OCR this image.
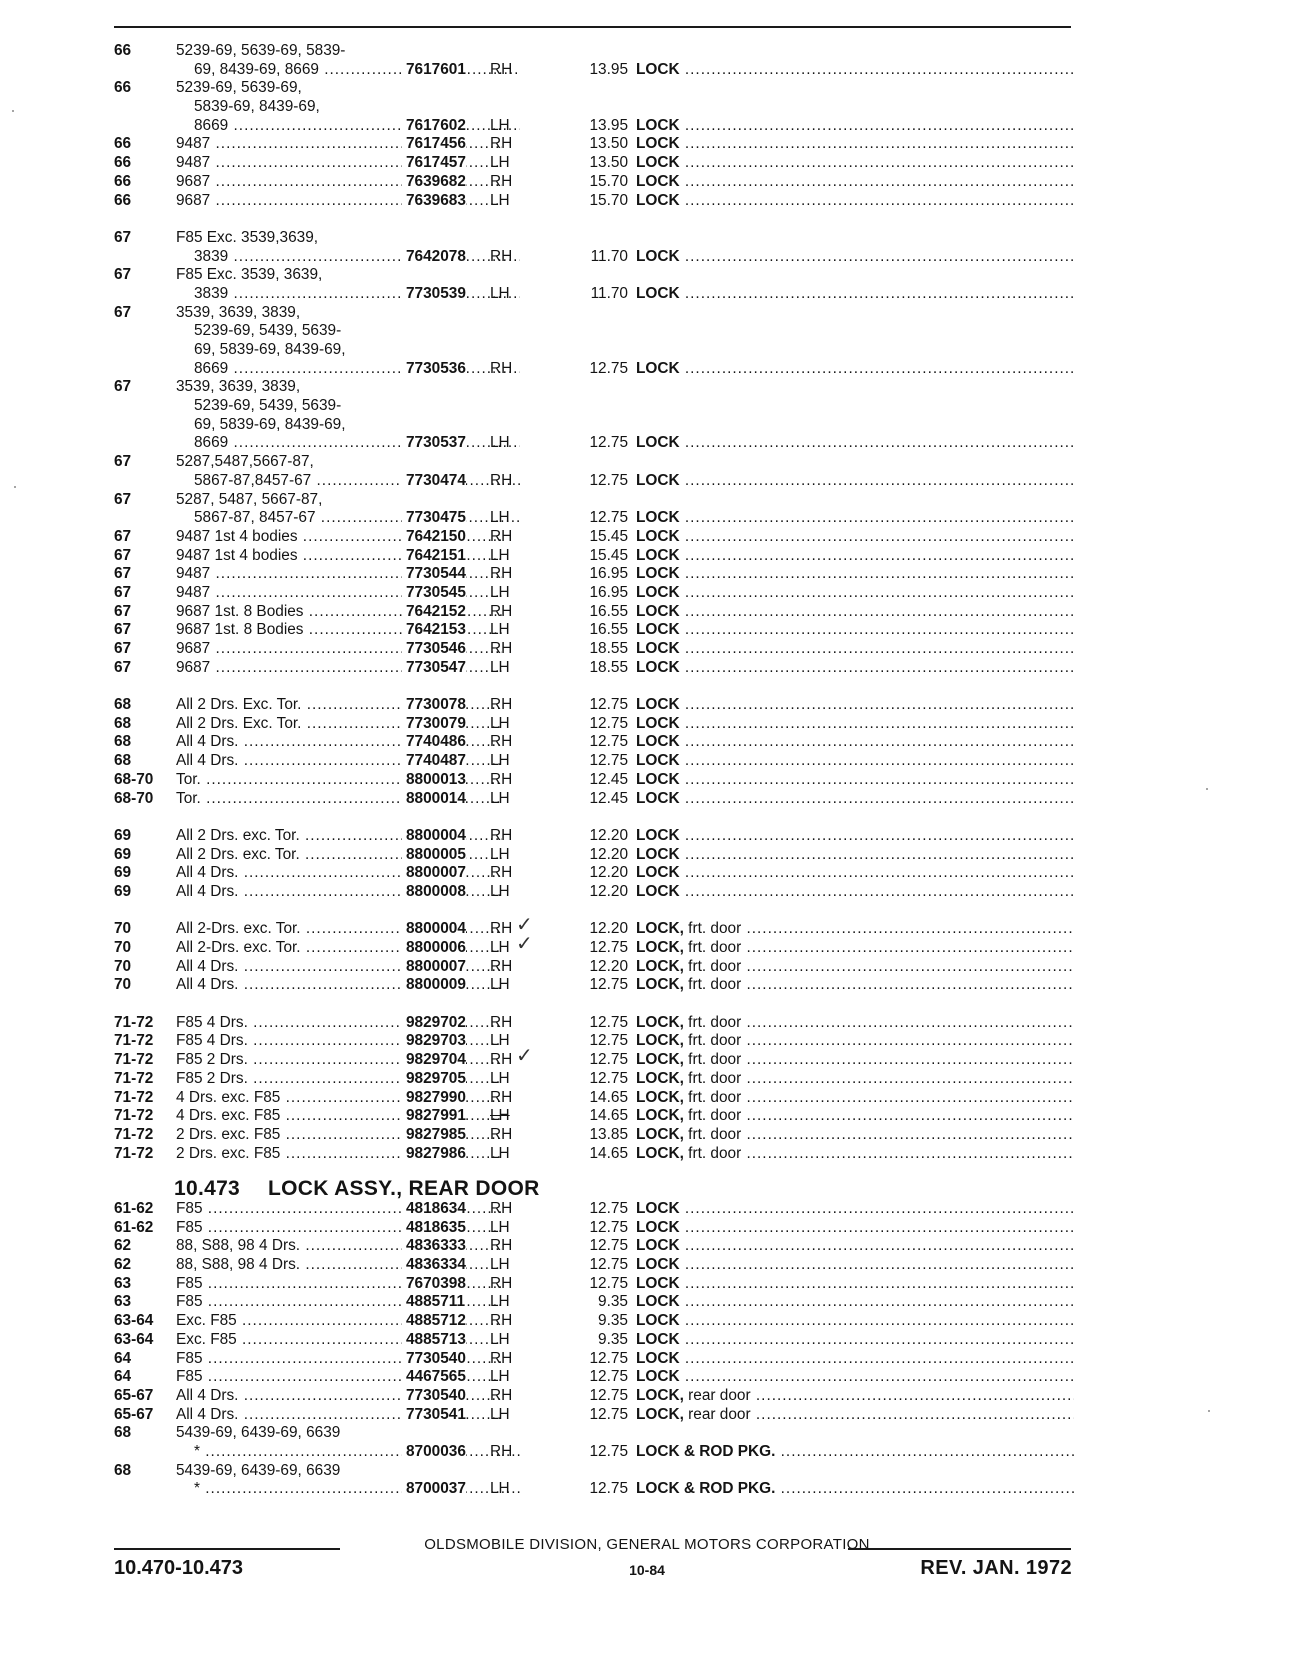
66	5239-69, 5639-69, 5839-
69, 8439-69, 8669 .....	7617601 RH	13.95 LOCK .....
66	5239-69, 5639-69,
5839-69, 8439-69,
8669 .....	7617602 LH	13.95 LOCK .....
66	9487 .....	7617456 RH	13.50 LOCK .....
66	9487 .....	7617457 LH	13.50 LOCK .....
66	9687 .....	7639682 RH	15.70 LOCK .....
66	9687 .....	7639683 LH	15.70 LOCK .....
67	F85 Exc. 3539,3639,
3839 .....	7642078 RH	11.70 LOCK .....
67	F85 Exc. 3539, 3639,
3839 .....	7730539 LH	11.70 LOCK .....
67	3539, 3639, 3839,
5239-69, 5439, 5639-
69, 5839-69, 8439-69,
8669 .....	7730536 RH	12.75 LOCK .....
67	3539, 3639, 3839,
5239-69, 5439, 5639-
69, 5839-69, 8439-69,
8669 .....	7730537 LH	12.75 LOCK .....
67	5287,5487,5667-87,
5867-87,8457-67 .....	7730474 RH	12.75 LOCK .....
67	5287, 5487, 5667-87,
5867-87, 8457-67 .....	7730475 LH	12.75 LOCK .....
67	9487 1st 4 bodies .....	7642150 RH	15.45 LOCK .....
67	9487 1st 4 bodies .....	7642151 LH	15.45 LOCK .....
67	9487 .....	7730544 RH	16.95 LOCK .....
67	9487 .....	7730545 LH	16.95 LOCK .....
67	9687 1st. 8 Bodies .....	7642152 RH	16.55 LOCK .....
67	9687 1st. 8 Bodies .....	7642153 LH	16.55 LOCK .....
67	9687 .....	7730546 RH	18.55 LOCK .....
67	9687 .....	7730547 LH	18.55 LOCK .....
68	All 2 Drs. Exc. Tor. .....	7730078 RH	12.75 LOCK .....
68	All 2 Drs. Exc. Tor. .....	7730079 LH	12.75 LOCK .....
68	All 4 Drs. .....	7740486 RH	12.75 LOCK .....
68	All 4 Drs. .....	7740487 LH	12.75 LOCK .....
68-70 Tor. .....	8800013 RH	12.45 LOCK .....
68-70 Tor. .....	8800014 LH	12.45 LOCK .....
69	All 2 Drs. exc. Tor. .....	8800004 RH	12.20 LOCK .....
69	All 2 Drs. exc. Tor. .....	8800005 LH	12.20 LOCK .....
69	All 4 Drs. .....	8800007 RH	12.20 LOCK .....
69	All 4 Drs. .....	8800008 LH	12.20 LOCK .....
70	All 2-Drs. exc. Tor. .....	8800004 RH ✓	12.20 LOCK, frt. door .....
70	All 2-Drs. exc. Tor. .....	8800006 LH ✓	12.75 LOCK, frt. door .....
70	All 4 Drs. .....	8800007 RH	12.20 LOCK, frt. door .....
70	All 4 Drs. .....	8800009 LH	12.75 LOCK, frt. door .....
71-72 F85 4 Drs. .....	9829702 RH	12.75 LOCK, frt. door .....
71-72 F85 4 Drs. .....	9829703 LH	12.75 LOCK, frt. door .....
71-72 F85 2 Drs. .....	9829704 RH ✓	12.75 LOCK, frt. door .....
71-72 F85 2 Drs. .....	9829705 LH	12.75 LOCK, frt. door .....
71-72 4 Drs. exc. F85 .....	9827990 RH	14.65 LOCK, frt. door .....
71-72 4 Drs. exc. F85 .....	9827991 LH	14.65 LOCK, frt. door .....
71-72 2 Drs. exc. F85 .....	9827985 RH	13.85 LOCK, frt. door .....
71-72 2 Drs. exc. F85 .....	9827986 LH	14.65 LOCK, frt. door .....
10.473 LOCK ASSY., REAR DOOR
61-62 F85 .....	4818634 RH	12.75 LOCK .....
61-62 F85 .....	4818635 LH	12.75 LOCK .....
62	88, S88, 98 4 Drs. .....	4836333 RH	12.75 LOCK .....
62	88, S88, 98 4 Drs. .....	4836334 LH	12.75 LOCK .....
63	F85 .....	7670398 RH	12.75 LOCK .....
63	F85 .....	4885711 LH	9.35 LOCK .....
63-64 Exc. F85 .....	4885712 RH	9.35 LOCK .....
63-64 Exc. F85 .....	4885713 LH	9.35 LOCK .....
64	F85 .....	7730540 RH	12.75 LOCK .....
64	F85 .....	4467565 LH	12.75 LOCK .....
65-67 All 4 Drs. .....	7730540 RH	12.75 LOCK, rear door .....
65-67 All 4 Drs. .....	7730541 LH	12.75 LOCK, rear door .....
68	5439-69, 6439-69, 6639
* .....	8700036 RH	12.75 LOCK & ROD PKG. .....
68	5439-69, 6439-69, 6639
* .....	8700037 LH	12.75 LOCK & ROD PKG. .....
OLDSMOBILE DIVISION, GENERAL MOTORS CORPORATION
10.470-10.473	10-84	REV. JAN. 1972
